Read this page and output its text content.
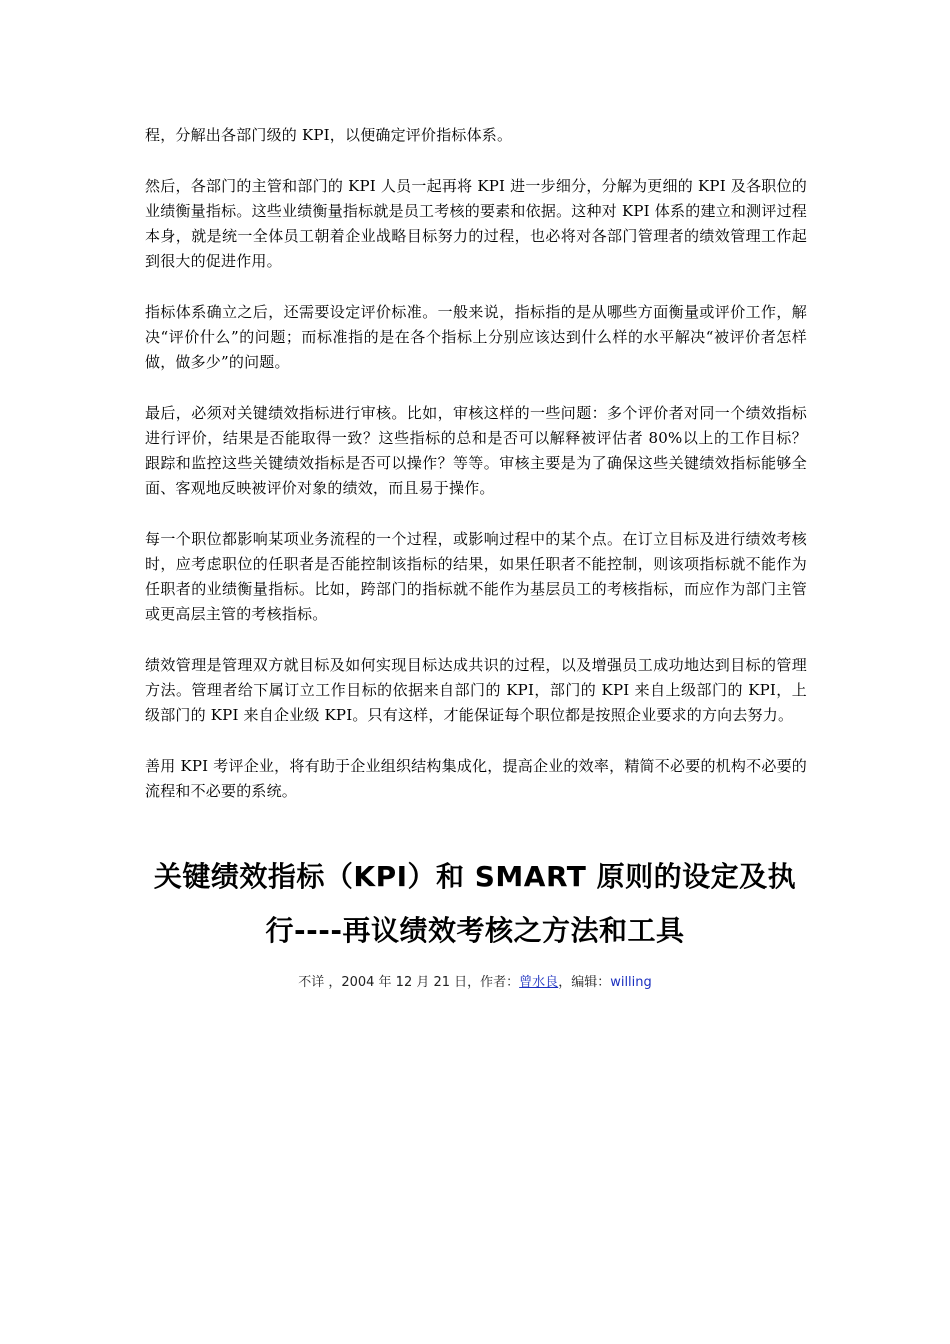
程，分解出各部门级的 KPI，以便确定评价指标体系。

然后，各部门的主管和部门的 KPI 人员一起再将 KPI 进一步细分，分解为更细的 KPI 及各职位的业绩衡量指标。这些业绩衡量指标就是员工考核的要素和依据。这种对 KPI 体系的建立和测评过程本身，就是统一全体员工朝着企业战略目标努力的过程，也必将对各部门管理者的绩效管理工作起到很大的促进作用。

指标体系确立之后，还需要设定评价标准。一般来说，指标指的是从哪些方面衡量或评价工作，解决“评价什么”的问题；而标准指的是在各个指标上分别应该达到什么样的水平解决“被评价者怎样做，做多少”的问题。

最后，必须对关键绩效指标进行审核。比如，审核这样的一些问题：多个评价者对同一个绩效指标进行评价，结果是否能取得一致？这些指标的总和是否可以解释被评估者 80%以上的工作目标？跟踪和监控这些关键绩效指标是否可以操作？等等。审核主要是为了确保这些关键绩效指标能够全面、客观地反映被评价对象的绩效，而且易于操作。

每一个职位都影响某项业务流程的一个过程，或影响过程中的某个点。在订立目标及进行绩效考核时，应考虑职位的任职者是否能控制该指标的结果，如果任职者不能控制，则该项指标就不能作为任职者的业绩衡量指标。比如，跨部门的指标就不能作为基层员工的考核指标，而应作为部门主管或更高层主管的考核指标。

绩效管理是管理双方就目标及如何实现目标达成共识的过程，以及增强员工成功地达到目标的管理方法。管理者给下属订立工作目标的依据来自部门的 KPI，部门的 KPI 来自上级部门的 KPI，上级部门的 KPI 来自企业级 KPI。只有这样，才能保证每个职位都是按照企业要求的方向去努力。

善用 KPI 考评企业，将有助于企业组织结构集成化，提高企业的效率，精简不必要的机构不必要的流程和不必要的系统。

关键绩效指标（KPI）和 SMART 原则的设定及执
行----再议绩效考核之方法和工具
不详 ，2004 年 12 月 21 日，作者：曾水良，编辑：willing
